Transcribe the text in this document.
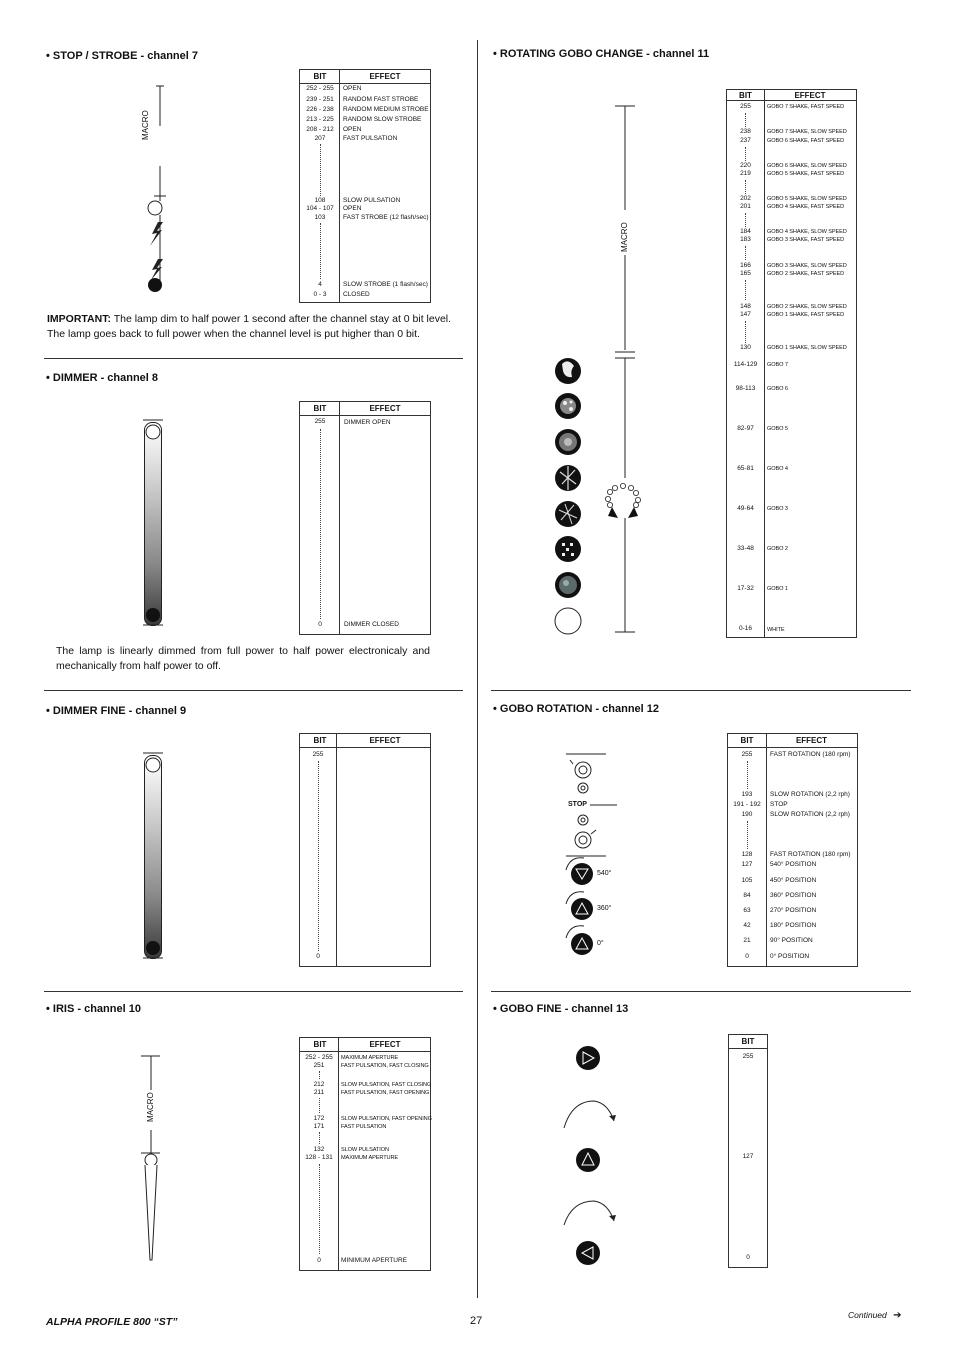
• STOP / STROBE - channel 7
• DIMMER - channel 8
• DIMMER FINE - channel 9
• IRIS - channel 10
• ROTATING GOBO CHANGE - channel 11
• GOBO ROTATION - channel 12
• GOBO FINE - channel 13
MACRO
BIT	EFFECT
252 - 255	OPEN
239 - 251	RANDOM FAST STROBE
226 - 238	RANDOM MEDIUM STROBE
213 - 225	RANDOM SLOW STROBE
208 - 212	OPEN
207	FAST PULSATION
108	SLOW PULSATION
104 - 107	OPEN
103	FAST STROBE (12 flash/sec)
4	SLOW STROBE (1 flash/sec)
0 - 3	CLOSED
IMPORTANT: The lamp dim to half power 1 second after the channel stay at 0 bit level.
The lamp goes back to full power when the channel level is put higher than 0 bit.
BIT	EFFECT
255	DIMMER OPEN
0	DIMMER CLOSED
The lamp is linearly dimmed from full power to half power electronicaly and mechanically from half power to off.
BIT	EFFECT
255
0
MACRO
BIT	EFFECT
252 - 255	MAXIMUM APERTURE
251	FAST PULSATION, FAST CLOSING
212	SLOW PULSATION, FAST CLOSING
211	FAST PULSATION, FAST OPENING
172	SLOW PULSATION, FAST OPENING
171	FAST PULSATION
132	SLOW PULSATION
128 - 131	MAXIMUM APERTURE
0	MINIMUM APERTURE
MACRO
BIT	EFFECT
255	GOBO 7 SHAKE, FAST SPEED
238	GOBO 7 SHAKE, SLOW SPEED
237	GOBO 6 SHAKE, FAST SPEED
220	GOBO 6 SHAKE, SLOW SPEED
219	GOBO 5 SHAKE, FAST SPEED
202	GOBO 5 SHAKE, SLOW SPEED
201	GOBO 4 SHAKE, FAST SPEED
184	GOBO 4 SHAKE, SLOW SPEED
183	GOBO 3 SHAKE, FAST SPEED
166	GOBO 3 SHAKE, SLOW SPEED
165	GOBO 2 SHAKE, FAST SPEED
148	GOBO 2 SHAKE, SLOW SPEED
147	GOBO 1 SHAKE, FAST SPEED
130	GOBO 1 SHAKE, SLOW SPEED
114-129	GOBO 7
98-113	GOBO 6
82-97	GOBO 5
65-81	GOBO 4
49-64	GOBO 3
33-48	GOBO 2
17-32	GOBO 1
0-16	WHITE
STOP
540°
360°
0°
BIT	EFFECT
255	FAST ROTATION (180 rpm)
193	SLOW ROTATION (2,2 rph)
191 - 192	STOP
190	SLOW ROTATION (2,2 rph)
128	FAST ROTATION (180 rpm)
127	540° POSITION
105	450° POSITION
84	360° POSITION
63	270° POSITION
42	180° POSITION
21	90° POSITION
0	0° POSITION
BIT
255
127
0
ALPHA PROFILE 800 “ST”	27	Continued ➔
